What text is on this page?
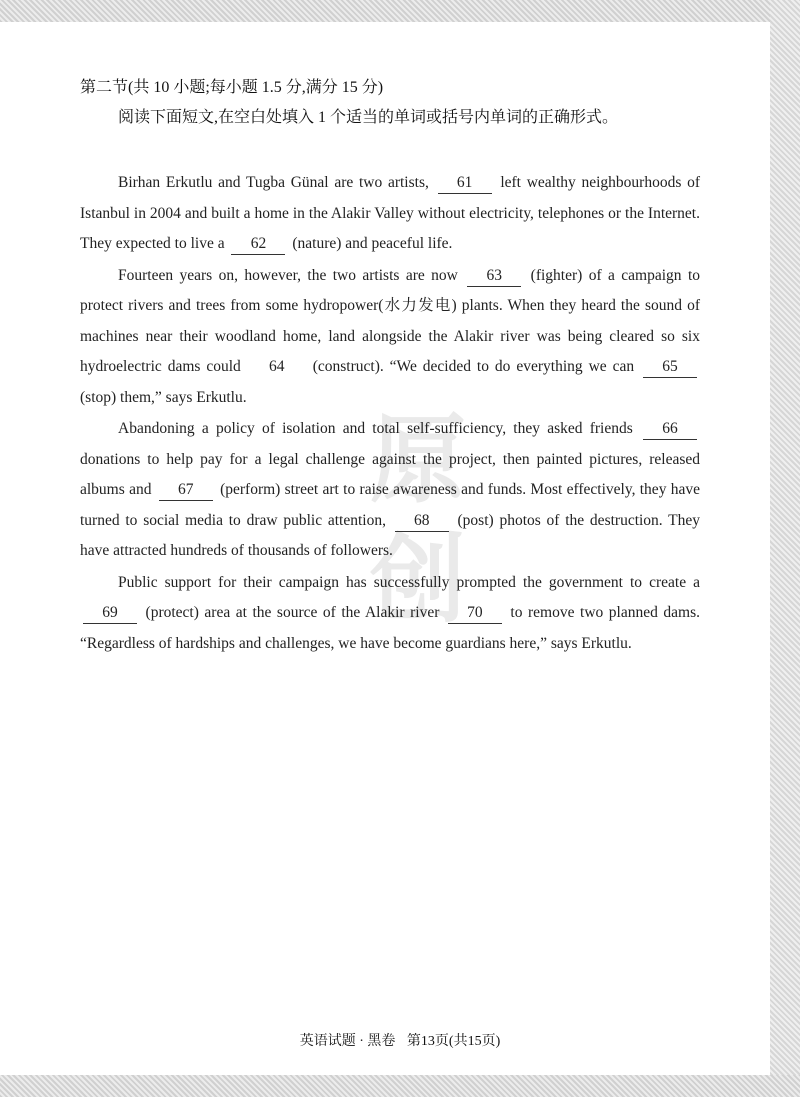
原
创
第二节(共 10 小题;每小题 1.5 分,满分 15 分)
阅读下面短文,在空白处填入 1 个适当的单词或括号内单词的正确形式。

Birhan Erkutlu and Tugba Günal are two artists, 61 left wealthy neighbourhoods of Istanbul in 2004 and built a home in the Alakir Valley without electricity, telephones or the Internet. They expected to live a 62 (nature) and peaceful life.

Fourteen years on, however, the two artists are now 63 (fighter) of a campaign to protect rivers and trees from some hydropower(水力发电) plants. When they heard the sound of machines near their woodland home, land alongside the Alakir river was being cleared so six hydroelectric dams could 64 (construct). “We decided to do everything we can 65 (stop) them,” says Erkutlu.

Abandoning a policy of isolation and total self-sufficiency, they asked friends 66 donations to help pay for a legal challenge against the project, then painted pictures, released albums and 67 (perform) street art to raise awareness and funds. Most effectively, they have turned to social media to draw public attention, 68 (post) photos of the destruction. They have attracted hundreds of thousands of followers.

Public support for their campaign has successfully prompted the government to create a 69 (protect) area at the source of the Alakir river 70 to remove two planned dams. “Regardless of hardships and challenges, we have become guardians here,” says Erkutlu.

英语试题 · 黑卷 第13页(共15页)
